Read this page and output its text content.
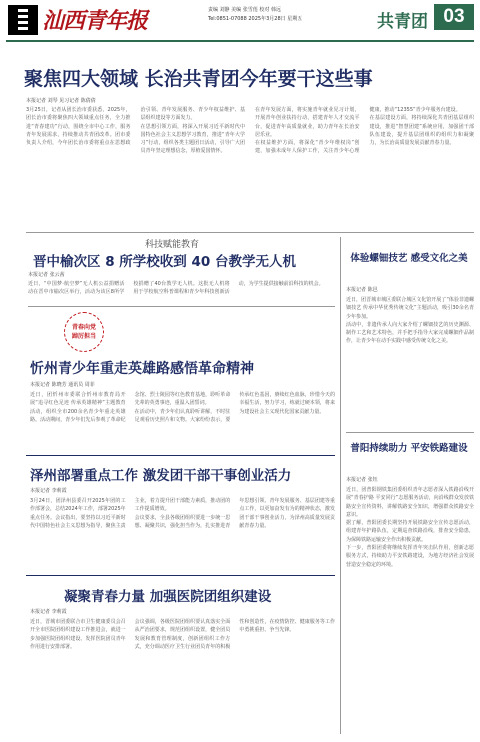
汕西青年报	责编 刘静 美编 张雪莲 校对 韩远
Tel:0851-07088 2025年3月28日 星期五	共青团 03
聚焦四大领域 长治共青团今年要干这些事
本报记者 刘琴 见习记者 陈倩倩

3月25日，记者从团长治市委获悉，2025年，团长治市委将聚焦四大领域重点任务，全力推进“青春建功”行动，围绕全市中心工作，服务青年发展需求，持续推动共青团改革。团市委负责人介绍，今年团长治市委将重点在思想政治引领、青年发展服务、青少年权益维护、基层组织建设等方面发力。

在思想引领方面，将深入开展习近平新时代中国特色社会主义思想学习教育，推进“青年大学习”行动，组织各类主题团日活动，引导广大团员青年坚定理想信念，厚植爱国情怀。

在青年发展方面，将实施青年就业见习计划，开展青年创业扶持行动，搭建青年人才交流平台，促进青年高质量就业，助力青年在长治安居乐业。

在权益维护方面，将深化“青少年维权岗”创建，加强未成年人保护工作，关注青少年心理健康，推动“12355”青少年服务台建设。

在基层建设方面，将持续深化共青团基层组织建设，推进“智慧团建”系统应用，加强团干部队伍建设，提升基层团组织的组织力和凝聚力，为长治高质量发展贡献青春力量。

科技赋能教育
晋中榆次区 8 所学校收到 40 台教学无人机
本报记者 张云茜

近日，“中国梦·航空梦”无人机公益捐赠活动在晋中市榆次区举行，活动为该区8所学校捐赠了40台教学无人机。这批无人机将用于学校航空科普课程和青少年科技创新活动，为学生提供接触前沿科技的机会。

青春向党
踔厉担当
忻州青少年重走英雄路感悟革命精神
本报记者 陈晓芳 通讯员 周菲

近日，团忻州市委联合忻州市教育局开展“追寻红色足迹 传承英雄精神”主题教育活动，组织全市200余名青少年重走英雄路。活动期间，青少年们先后参观了革命纪念馆、烈士陵园等红色教育基地，聆听革命先辈的英勇事迹，重温入团誓词。

在活动中，青少年们认真聆听讲解，不时驻足观看历史照片和文物。大家纷纷表示，要传承红色基因，赓续红色血脉，珍惜今天的幸福生活，努力学习，练就过硬本领，将来为建设社会主义现代化国家贡献力量。

泽州部署重点工作 激发团干部干事创业活力
本报记者 李莉霞

3月24日，团泽州县委召开2025年团的工作部署会，总结2024年工作，部署2025年重点任务。会议指出，要坚持以习近平新时代中国特色社会主义思想为指导，聚焦主责主业，着力提升团干部能力素质，推动团的工作提质增效。

会议要求，全县各级团组织要进一步统一思想、凝聚共识，强化担当作为，扎实推进青年思想引领、青年发展服务、基层团建等重点工作，以更加奋发有为的精神状态，激发团干部干事创业活力，为泽州高质量发展贡献青春力量。

凝聚青春力量 加强医院团组织建设
本报记者 李莉霞

近日，晋城市团委联合市卫生健康委员会召开全市医院团组织建设工作推进会，就进一步加强医院团组织建设、发挥医院团员青年作用进行安排部署。

会议强调，各级医院团组织要认真落实全面从严治团要求，规范团组织设置，健全团员发展和教育管理制度，创新团组织工作方式，充分调动医疗卫生行业团员青年的积极性和创造性，在疫情防控、健康服务等工作中勇挑重担、争当先锋。

体验螺钿技艺 感受文化之美
本报记者 陈邑

近日，团晋城市城区委联合城区文化馆开展了“体验非遗螺钿技艺 传承中华优秀传统文化”主题活动，吸引30余名青少年参加。

活动中，非遗传承人向大家介绍了螺钿技艺的历史渊源、制作工艺和艺术特色，并手把手指导大家完成螺钿作品制作，让青少年在动手实践中感受传统文化之美。

普阳持续助力 平安铁路建设
本报记者 张钰

近日，团普阳钢铁集团委组织青年志愿者深入铁路沿线开展“青春护路 平安同行”志愿服务活动，向沿线群众发放铁路安全宣传资料，讲解铁路安全知识，增强群众铁路安全意识。

据了解，普阳团委长期坚持开展铁路安全宣传志愿活动，组建青年护路队伍，定期巡查铁路沿线，排查安全隐患，为保障铁路运输安全作出积极贡献。

下一步，普阳团委将继续发挥青年突击队作用，创新志愿服务方式，持续助力平安铁路建设，为地方经济社会发展营造安全稳定的环境。
